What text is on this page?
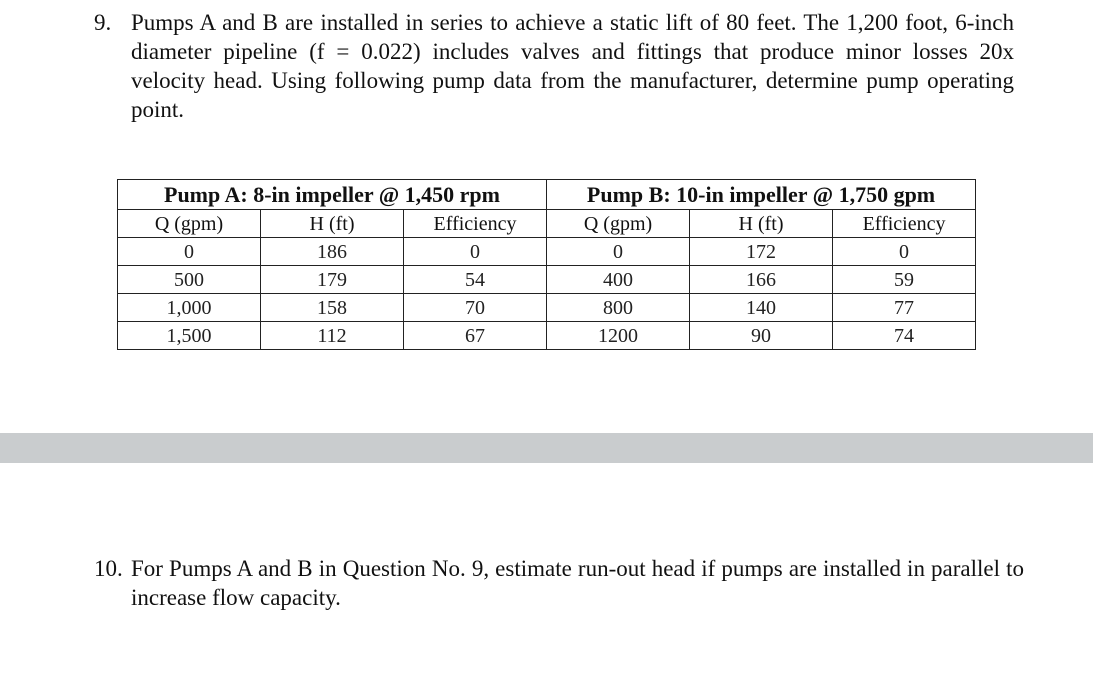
9. Pumps A and B are installed in series to achieve a static lift of 80 feet. The 1,200 foot, 6-inch diameter pipeline (f = 0.022) includes valves and fittings that produce minor losses 20x velocity head. Using following pump data from the manufacturer, determine pump operating point.
Pump A: 8-in impeller @ 1,450 rpm			Pump B: 10-in impeller @ 1,750 gpm		
Q (gpm)	H (ft)	Efficiency	Q (gpm)	H (ft)	Efficiency
0	186	0	0	172	0
500	179	54	400	166	59
1,000	158	70	800	140	77
1,500	112	67	1200	90	74
10. For Pumps A and B in Question No. 9, estimate run-out head if pumps are installed in parallel to increase flow capacity.
